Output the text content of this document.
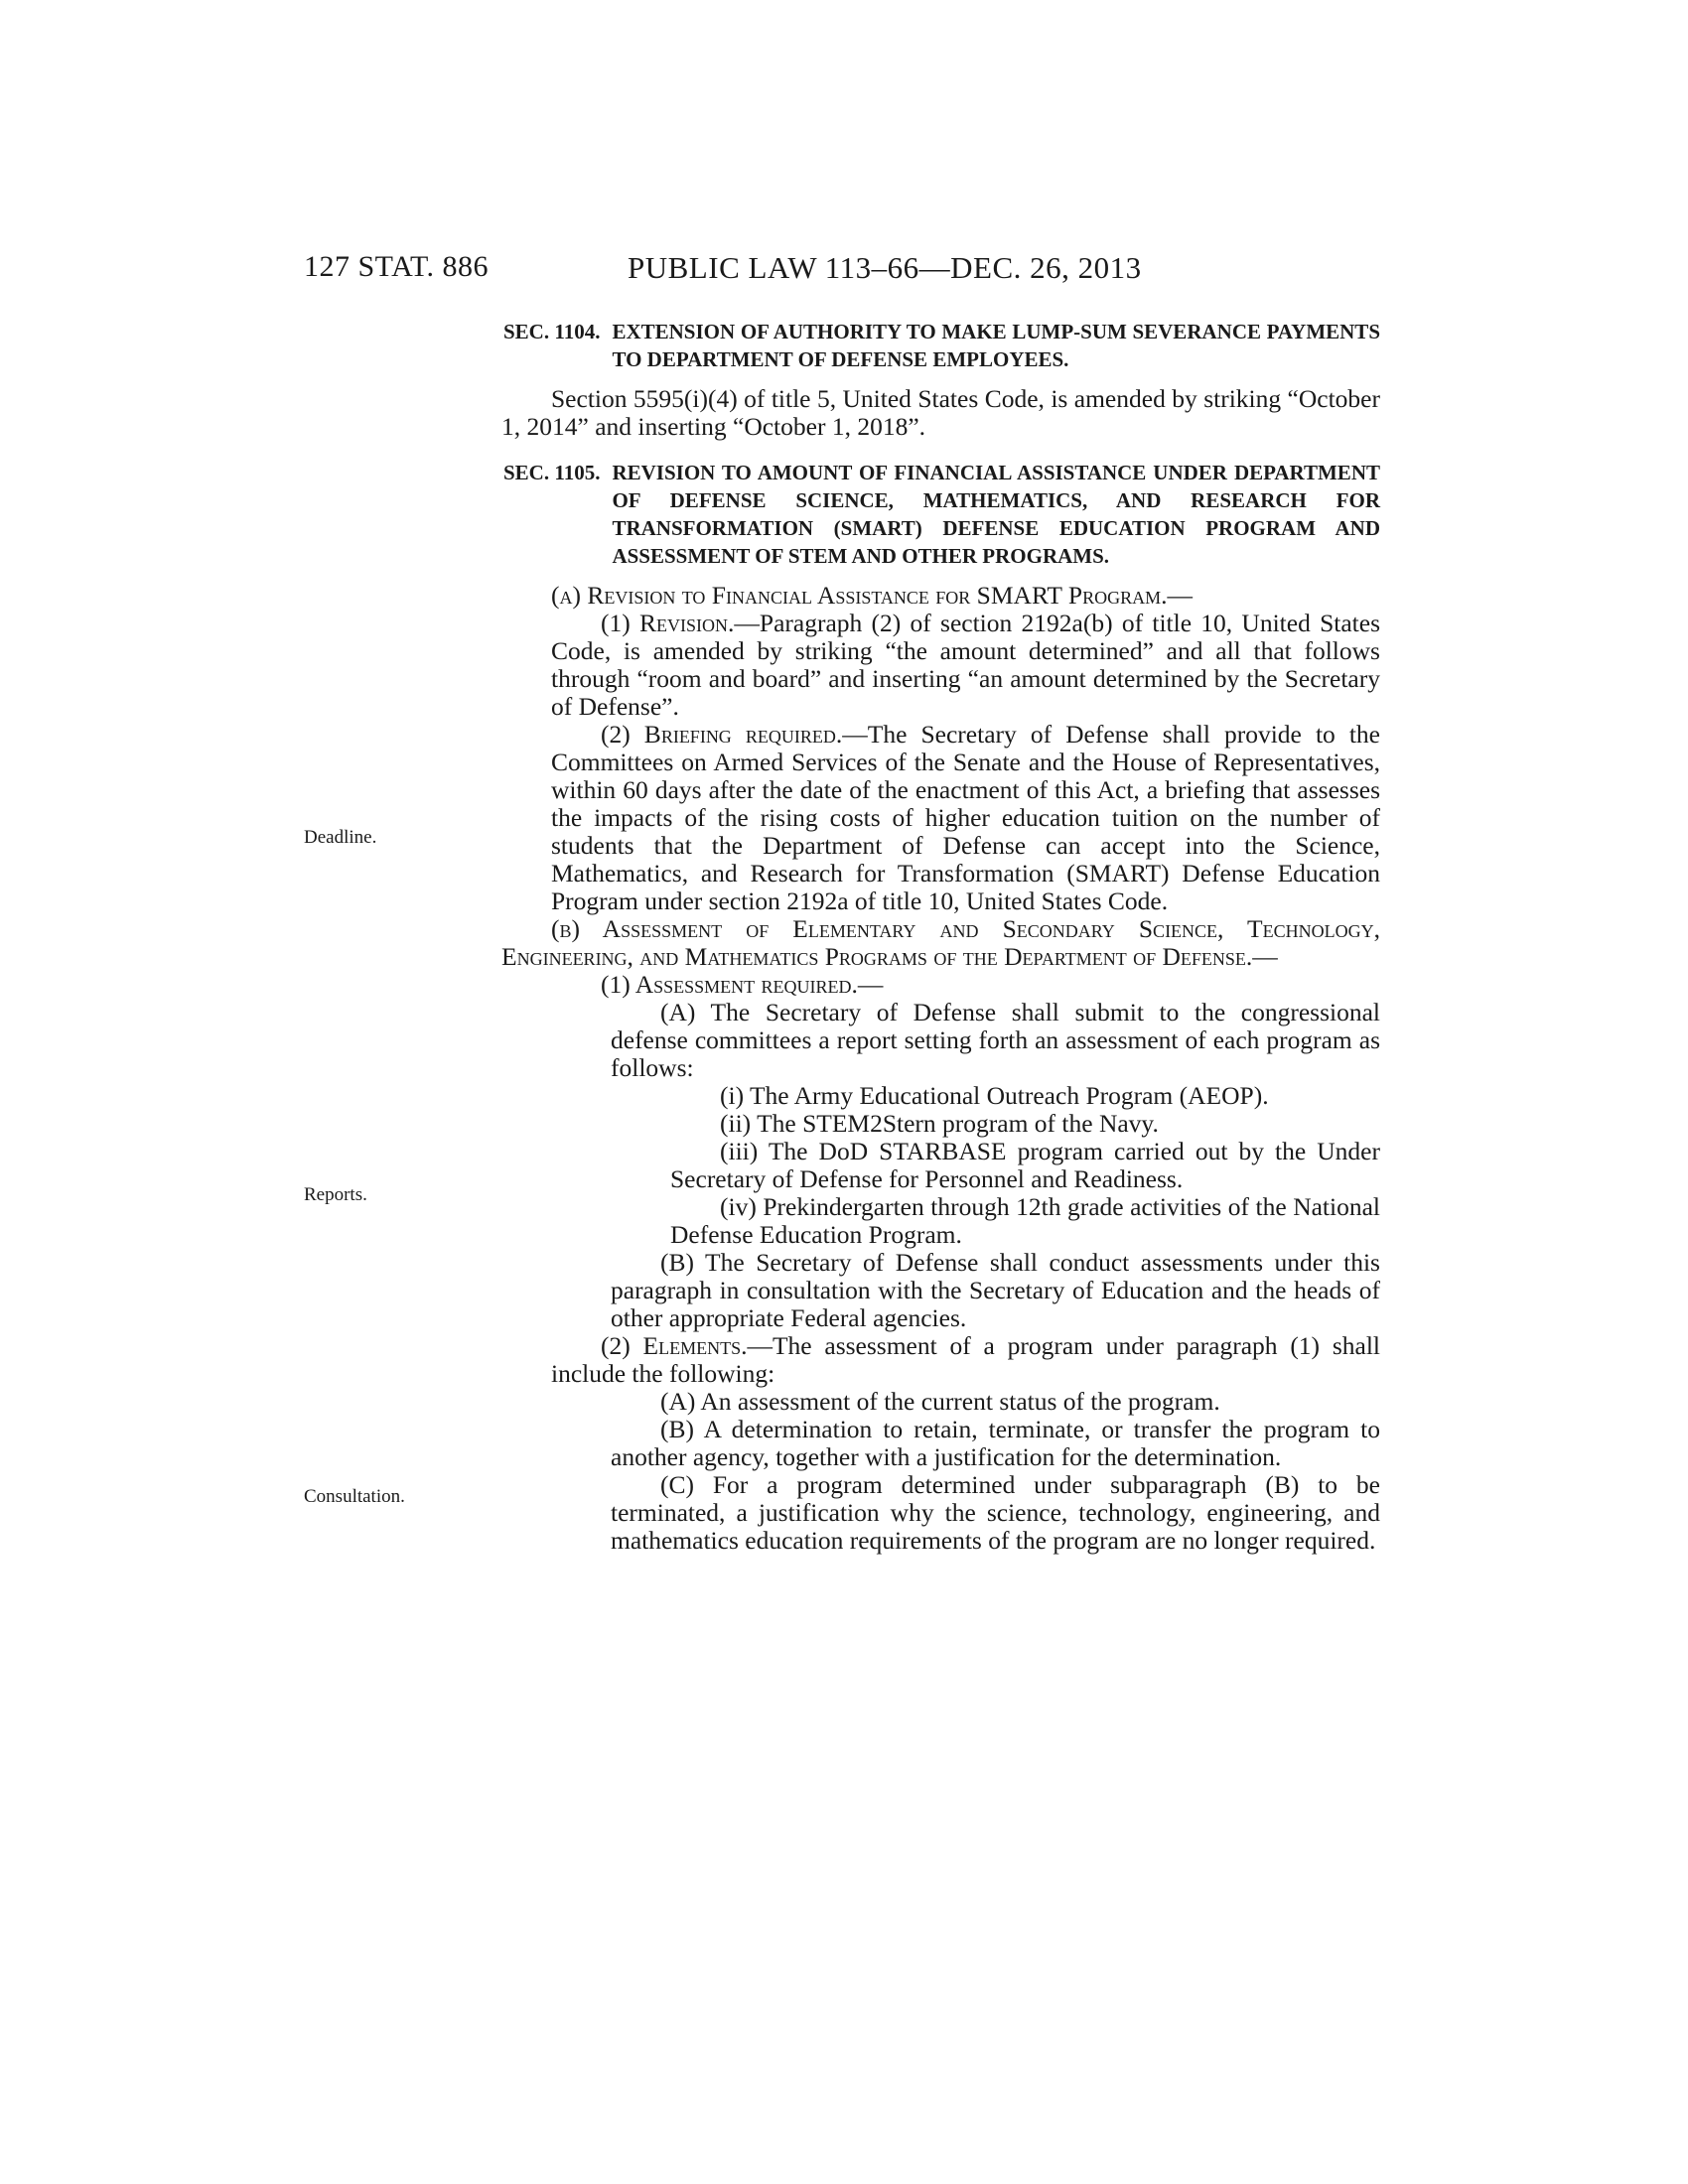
127 STAT. 886	PUBLIC LAW 113–66—DEC. 26, 2013
Deadline.
Reports.
Consultation.
SEC. 1104. EXTENSION OF AUTHORITY TO MAKE LUMP-SUM SEVERANCE PAYMENTS TO DEPARTMENT OF DEFENSE EMPLOYEES.

Section 5595(i)(4) of title 5, United States Code, is amended by striking “October 1, 2014” and inserting “October 1, 2018”.

SEC. 1105. REVISION TO AMOUNT OF FINANCIAL ASSISTANCE UNDER DEPARTMENT OF DEFENSE SCIENCE, MATHEMATICS, AND RESEARCH FOR TRANSFORMATION (SMART) DEFENSE EDUCATION PROGRAM AND ASSESSMENT OF STEM AND OTHER PROGRAMS.

(a) Revision to Financial Assistance for SMART Program.—

(1) Revision.—Paragraph (2) of section 2192a(b) of title 10, United States Code, is amended by striking “the amount determined” and all that follows through “room and board” and inserting “an amount determined by the Secretary of Defense”.

(2) Briefing required.—The Secretary of Defense shall provide to the Committees on Armed Services of the Senate and the House of Representatives, within 60 days after the date of the enactment of this Act, a briefing that assesses the impacts of the rising costs of higher education tuition on the number of students that the Department of Defense can accept into the Science, Mathematics, and Research for Transformation (SMART) Defense Education Program under section 2192a of title 10, United States Code.

(b) Assessment of Elementary and Secondary Science, Technology, Engineering, and Mathematics Programs of the Department of Defense.—

(1) Assessment required.—

(A) The Secretary of Defense shall submit to the congressional defense committees a report setting forth an assessment of each program as follows:

(i) The Army Educational Outreach Program (AEOP).

(ii) The STEM2Stern program of the Navy.

(iii) The DoD STARBASE program carried out by the Under Secretary of Defense for Personnel and Readiness.

(iv) Prekindergarten through 12th grade activities of the National Defense Education Program.

(B) The Secretary of Defense shall conduct assessments under this paragraph in consultation with the Secretary of Education and the heads of other appropriate Federal agencies.

(2) Elements.—The assessment of a program under paragraph (1) shall include the following:

(A) An assessment of the current status of the program.

(B) A determination to retain, terminate, or transfer the program to another agency, together with a justification for the determination.

(C) For a program determined under subparagraph (B) to be terminated, a justification why the science, technology, engineering, and mathematics education requirements of the program are no longer required.
